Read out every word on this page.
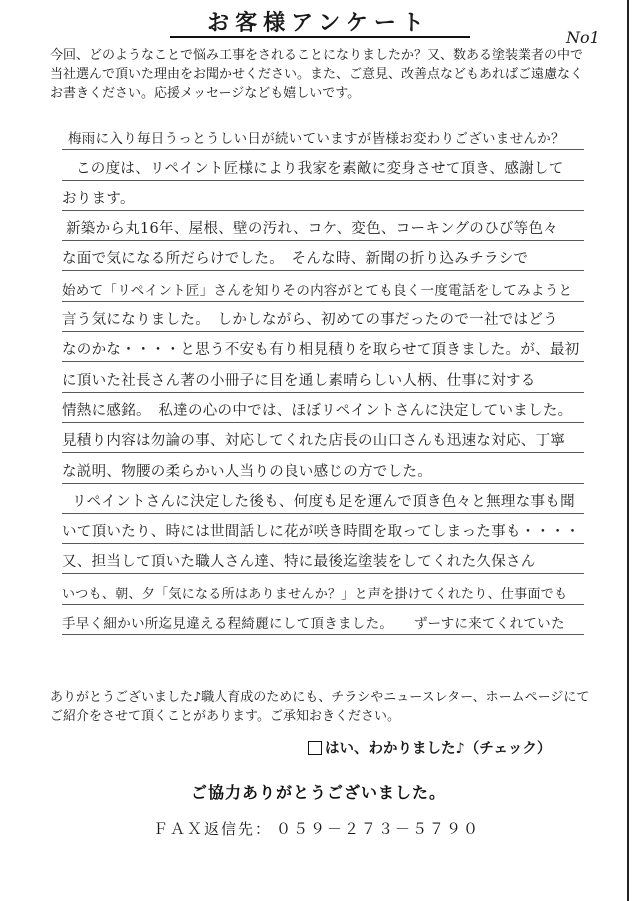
お客様アンケート
No1
今回、どのようなことで悩み工事をされることになりましたか？又、数ある塗装業者の中で当社選んで頂いた理由をお聞かせください。また、ご意見、改善点などもあればご遠慮なくお書きください。応援メッセージなども嬉しいです。
梅雨に入り毎日うっとうしい日が続いていますが皆様お変わりございませんか？
この度は、リペイント匠様により我家を素敵に変身させて頂き、感謝して
おります。
新築から丸16年、屋根、壁の汚れ、コケ、変色、コーキングのひび等色々
な面で気になる所だらけでした。　そんな時、新聞の折り込みチラシで
始めて「リペイント匠」さんを知りその内容がとても良く一度電話をしてみようと
言う気になりました。　しかしながら、初めての事だったので一社ではどう
なのかな・・・・と思う不安も有り相見積りを取らせて頂きました。が、最初
に頂いた社長さん著の小冊子に目を通し素晴らしい人柄、仕事に対する
情熱に感銘。　私達の心の中では、ほぼリペイントさんに決定していました。
見積り内容は勿論の事、対応してくれた店長の山口さんも迅速な対応、丁寧
な説明、物腰の柔らかい人当りの良い感じの方でした。
リペイントさんに決定した後も、何度も足を運んで頂き色々と無理な事も聞
いて頂いたり、時には世間話しに花が咲き時間を取ってしまった事も・・・・
又、担当して頂いた職人さん達、特に最後迄塗装をしてくれた久保さん
いつも、朝、夕「気になる所はありませんか？」と声を掛けてくれたり、仕事面でも
手早く細かい所迄見違える程綺麗にして頂きました。　　ずーすに来てくれていた
ありがとうございました♪職人育成のためにも、チラシやニュースレター、ホームページにてご紹介をさせて頂くことがあります。ご承知おきください。
はい、わかりました♪（チェック）
ご協力ありがとうございました。
ＦＡＸ返信先： ０５９－２７３－５７９０
